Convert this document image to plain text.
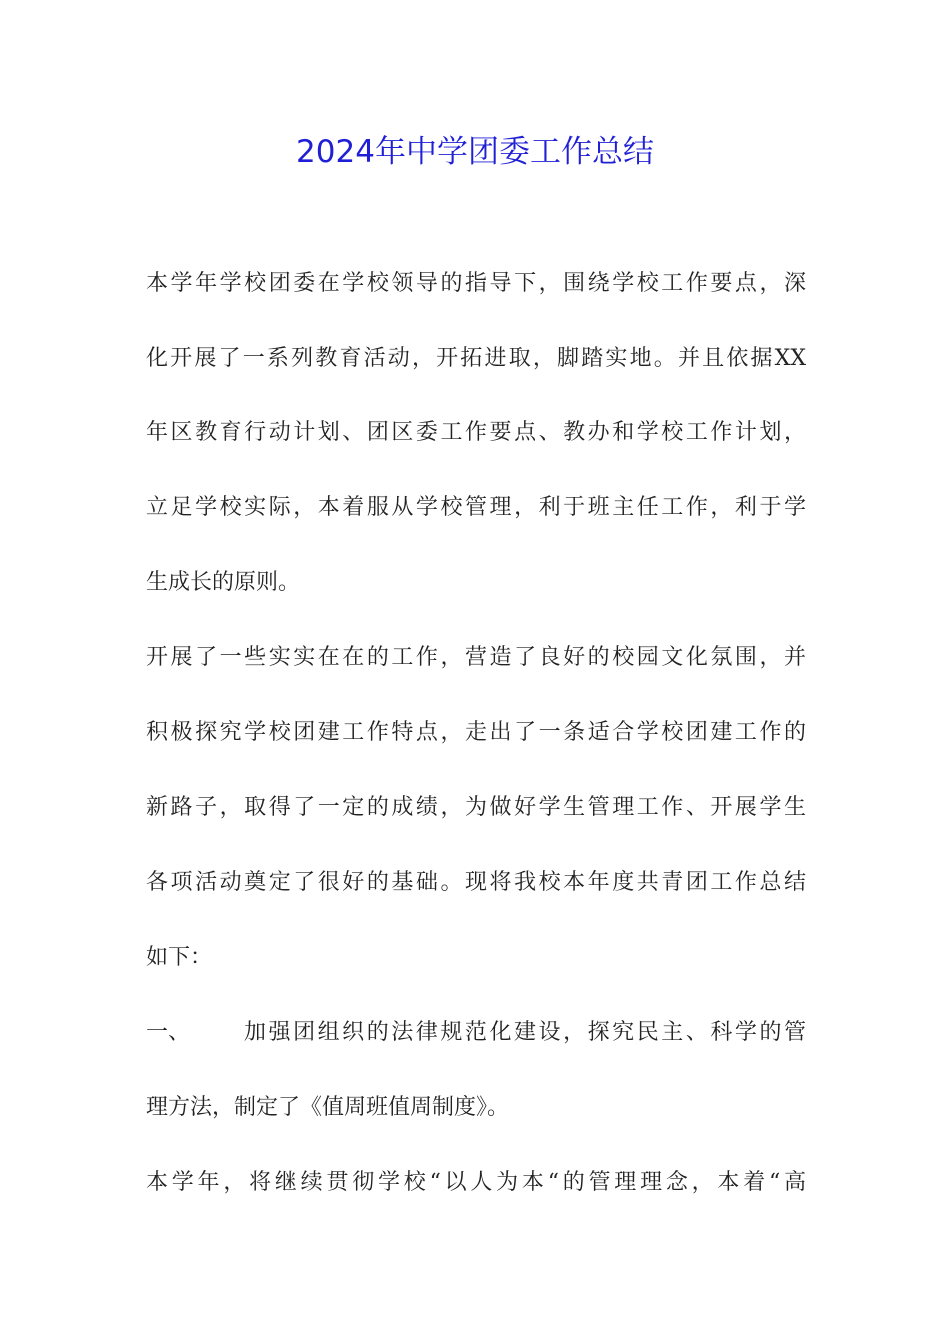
2024年中学团委工作总结
本学年学校团委在学校领导的指导下，围绕学校工作要点，深
化开展了一系列教育活动，开拓进取，脚踏实地。并且依据XX
年区教育行动计划、团区委工作要点、教办和学校工作计划，
立足学校实际，本着服从学校管理，利于班主任工作，利于学
生成长的原则。
开展了一些实实在在的工作，营造了良好的校园文化氛围，并
积极探究学校团建工作特点，走出了一条适合学校团建工作的
新路子，取得了一定的成绩，为做好学生管理工作、开展学生
各项活动奠定了很好的基础。现将我校本年度共青团工作总结
如下：
一、 加强团组织的法律规范化建设，探究民主、科学的管
理方法，制定了《值周班值周制度》。
本学年，将继续贯彻学校“以人为本“的管理理念，本着“高
